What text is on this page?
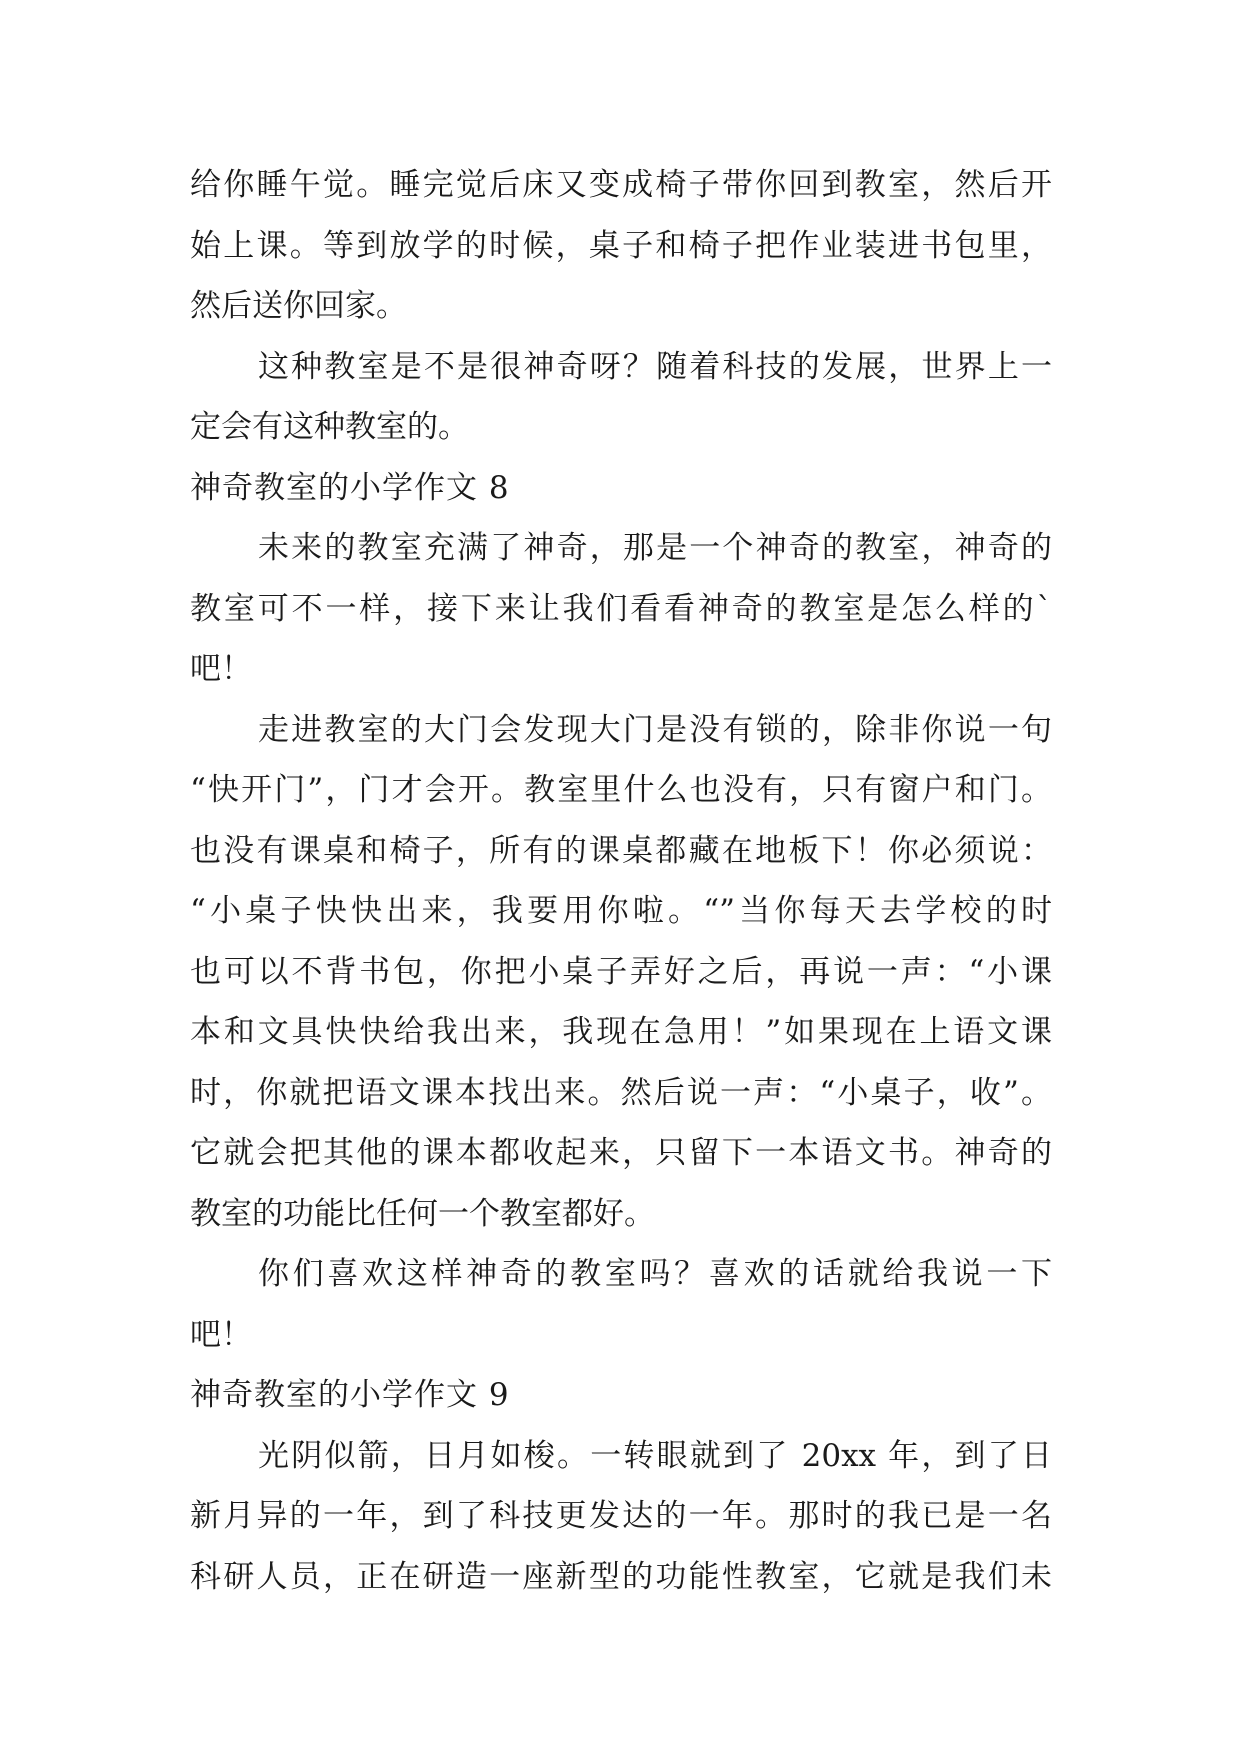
给你睡午觉。睡完觉后床又变成椅子带你回到教室，然后开
始上课。等到放学的时候，桌子和椅子把作业装进书包里，
然后送你回家。
这种教室是不是很神奇呀？随着科技的发展，世界上一
定会有这种教室的。
神奇教室的小学作文 8
未来的教室充满了神奇，那是一个神奇的教室，神奇的
教室可不一样，接下来让我们看看神奇的教室是怎么样的`
吧！
走进教室的大门会发现大门是没有锁的，除非你说一句
“快开门”，门才会开。教室里什么也没有，只有窗户和门。
也没有课桌和椅子，所有的课桌都藏在地板下！你必须说：
“小桌子快快出来，我要用你啦。“”当你每天去学校的时
也可以不背书包，你把小桌子弄好之后，再说一声：“小课
本和文具快快给我出来，我现在急用！”如果现在上语文课
时，你就把语文课本找出来。然后说一声：“小桌子，收”。
它就会把其他的课本都收起来，只留下一本语文书。神奇的
教室的功能比任何一个教室都好。
你们喜欢这样神奇的教室吗？喜欢的话就给我说一下
吧！
神奇教室的小学作文 9
光阴似箭，日月如梭。一转眼就到了 20xx 年，到了日
新月异的一年，到了科技更发达的一年。那时的我已是一名
科研人员，正在研造一座新型的功能性教室，它就是我们未
